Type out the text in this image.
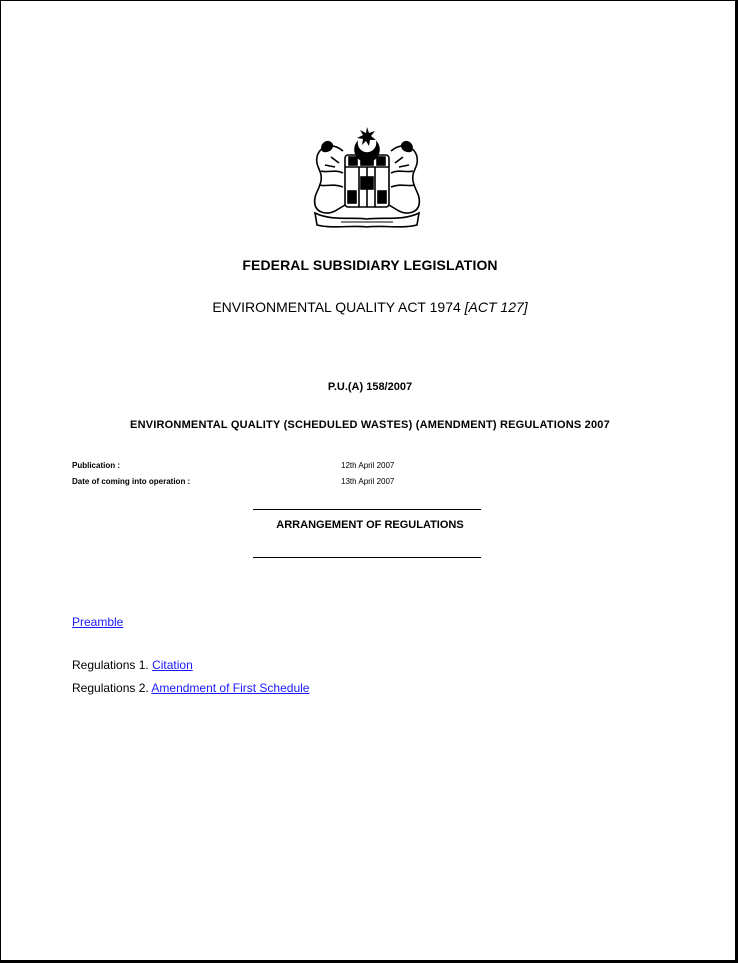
FEDERAL SUBSIDIARY LEGISLATION
ENVIRONMENTAL QUALITY ACT 1974 [ACT 127]
P.U.(A) 158/2007
ENVIRONMENTAL QUALITY (SCHEDULED WASTES) (AMENDMENT) REGULATIONS 2007
Publication :	12th April 2007
Date of coming into operation :	13th April 2007
ARRANGEMENT OF REGULATIONS
Preamble
Regulations 1. Citation
Regulations 2. Amendment of First Schedule
